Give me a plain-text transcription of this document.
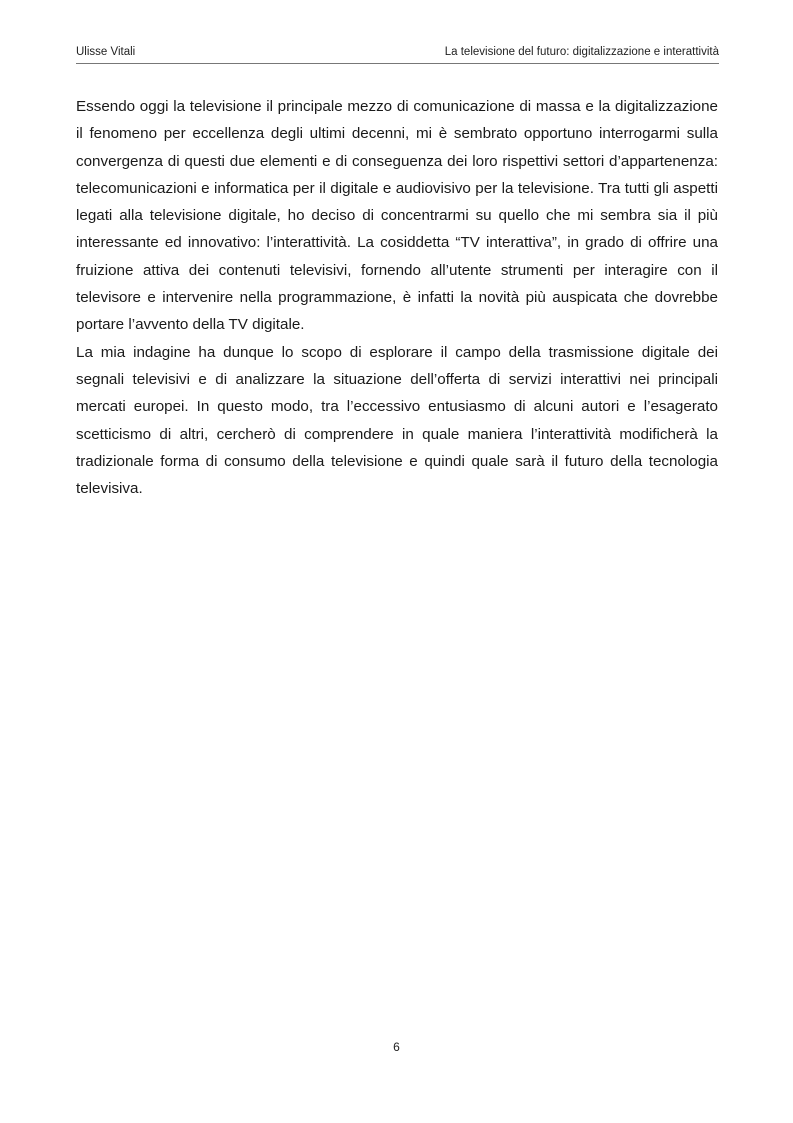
Ulisse Vitali	La televisione del futuro: digitalizzazione e interattività

Essendo oggi la televisione il principale mezzo di comunicazione di massa e la digitalizzazione il fenomeno per eccellenza degli ultimi decenni, mi è sembrato opportuno interrogarmi sulla convergenza di questi due elementi e di conseguenza dei loro rispettivi settori d’appartenenza: telecomunicazioni e informatica per il digitale e audiovisivo per la televisione. Tra tutti gli aspetti legati alla televisione digitale, ho deciso di concentrarmi su quello che mi sembra sia il più interessante ed innovativo: l’interattività. La cosiddetta “TV interattiva”, in grado di offrire una fruizione attiva dei contenuti televisivi, fornendo all’utente strumenti per interagire con il televisore e intervenire nella programmazione, è infatti la novità più auspicata che dovrebbe portare l’avvento della TV digitale.

La mia indagine ha dunque lo scopo di esplorare il campo della trasmissione digitale dei segnali televisivi e di analizzare la situazione dell’offerta di servizi interattivi nei principali mercati europei. In questo modo, tra l’eccessivo entusiasmo di alcuni autori e l’esagerato scetticismo di altri, cercherò di comprendere in quale maniera l’interattività modificherà la tradizionale forma di consumo della televisione e quindi quale sarà il futuro della tecnologia televisiva.

6
